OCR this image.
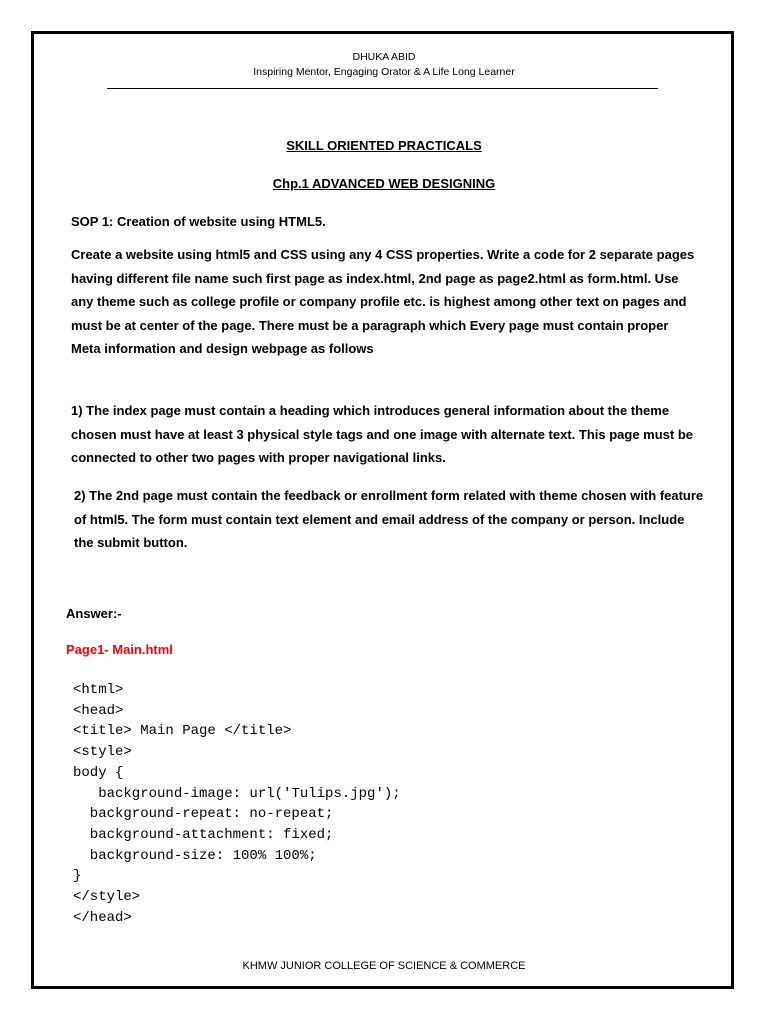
DHUKA ABID
Inspiring Mentor, Engaging Orator & A Life Long Learner
SKILL ORIENTED PRACTICALS
Chp.1 ADVANCED WEB DESIGNING
SOP 1: Creation of website using HTML5.
Create a website using html5 and CSS using any 4 CSS properties. Write a code for 2 separate pages having different file name such first page as index.html, 2nd page as page2.html as form.html. Use any theme such as college profile or company profile etc. is highest among other text on pages and must be at center of the page. There must be a paragraph which Every page must contain proper Meta information and design webpage as follows
1) The index page must contain a heading which introduces general information about the theme chosen must have at least 3 physical style tags and one image with alternate text. This page must be connected to other two pages with proper navigational links.
2) The 2nd page must contain the feedback or enrollment form related with theme chosen with feature of html5. The form must contain text element and email address of the company or person. Include the submit button.
Answer:-
Page1- Main.html
<html>
<head>
<title> Main Page </title>
<style>
body {
background-image: url('Tulips.jpg');
background-repeat: no-repeat;
background-attachment: fixed;
background-size: 100% 100%;
}
</style>
</head>
KHMW JUNIOR COLLEGE OF SCIENCE & COMMERCE
